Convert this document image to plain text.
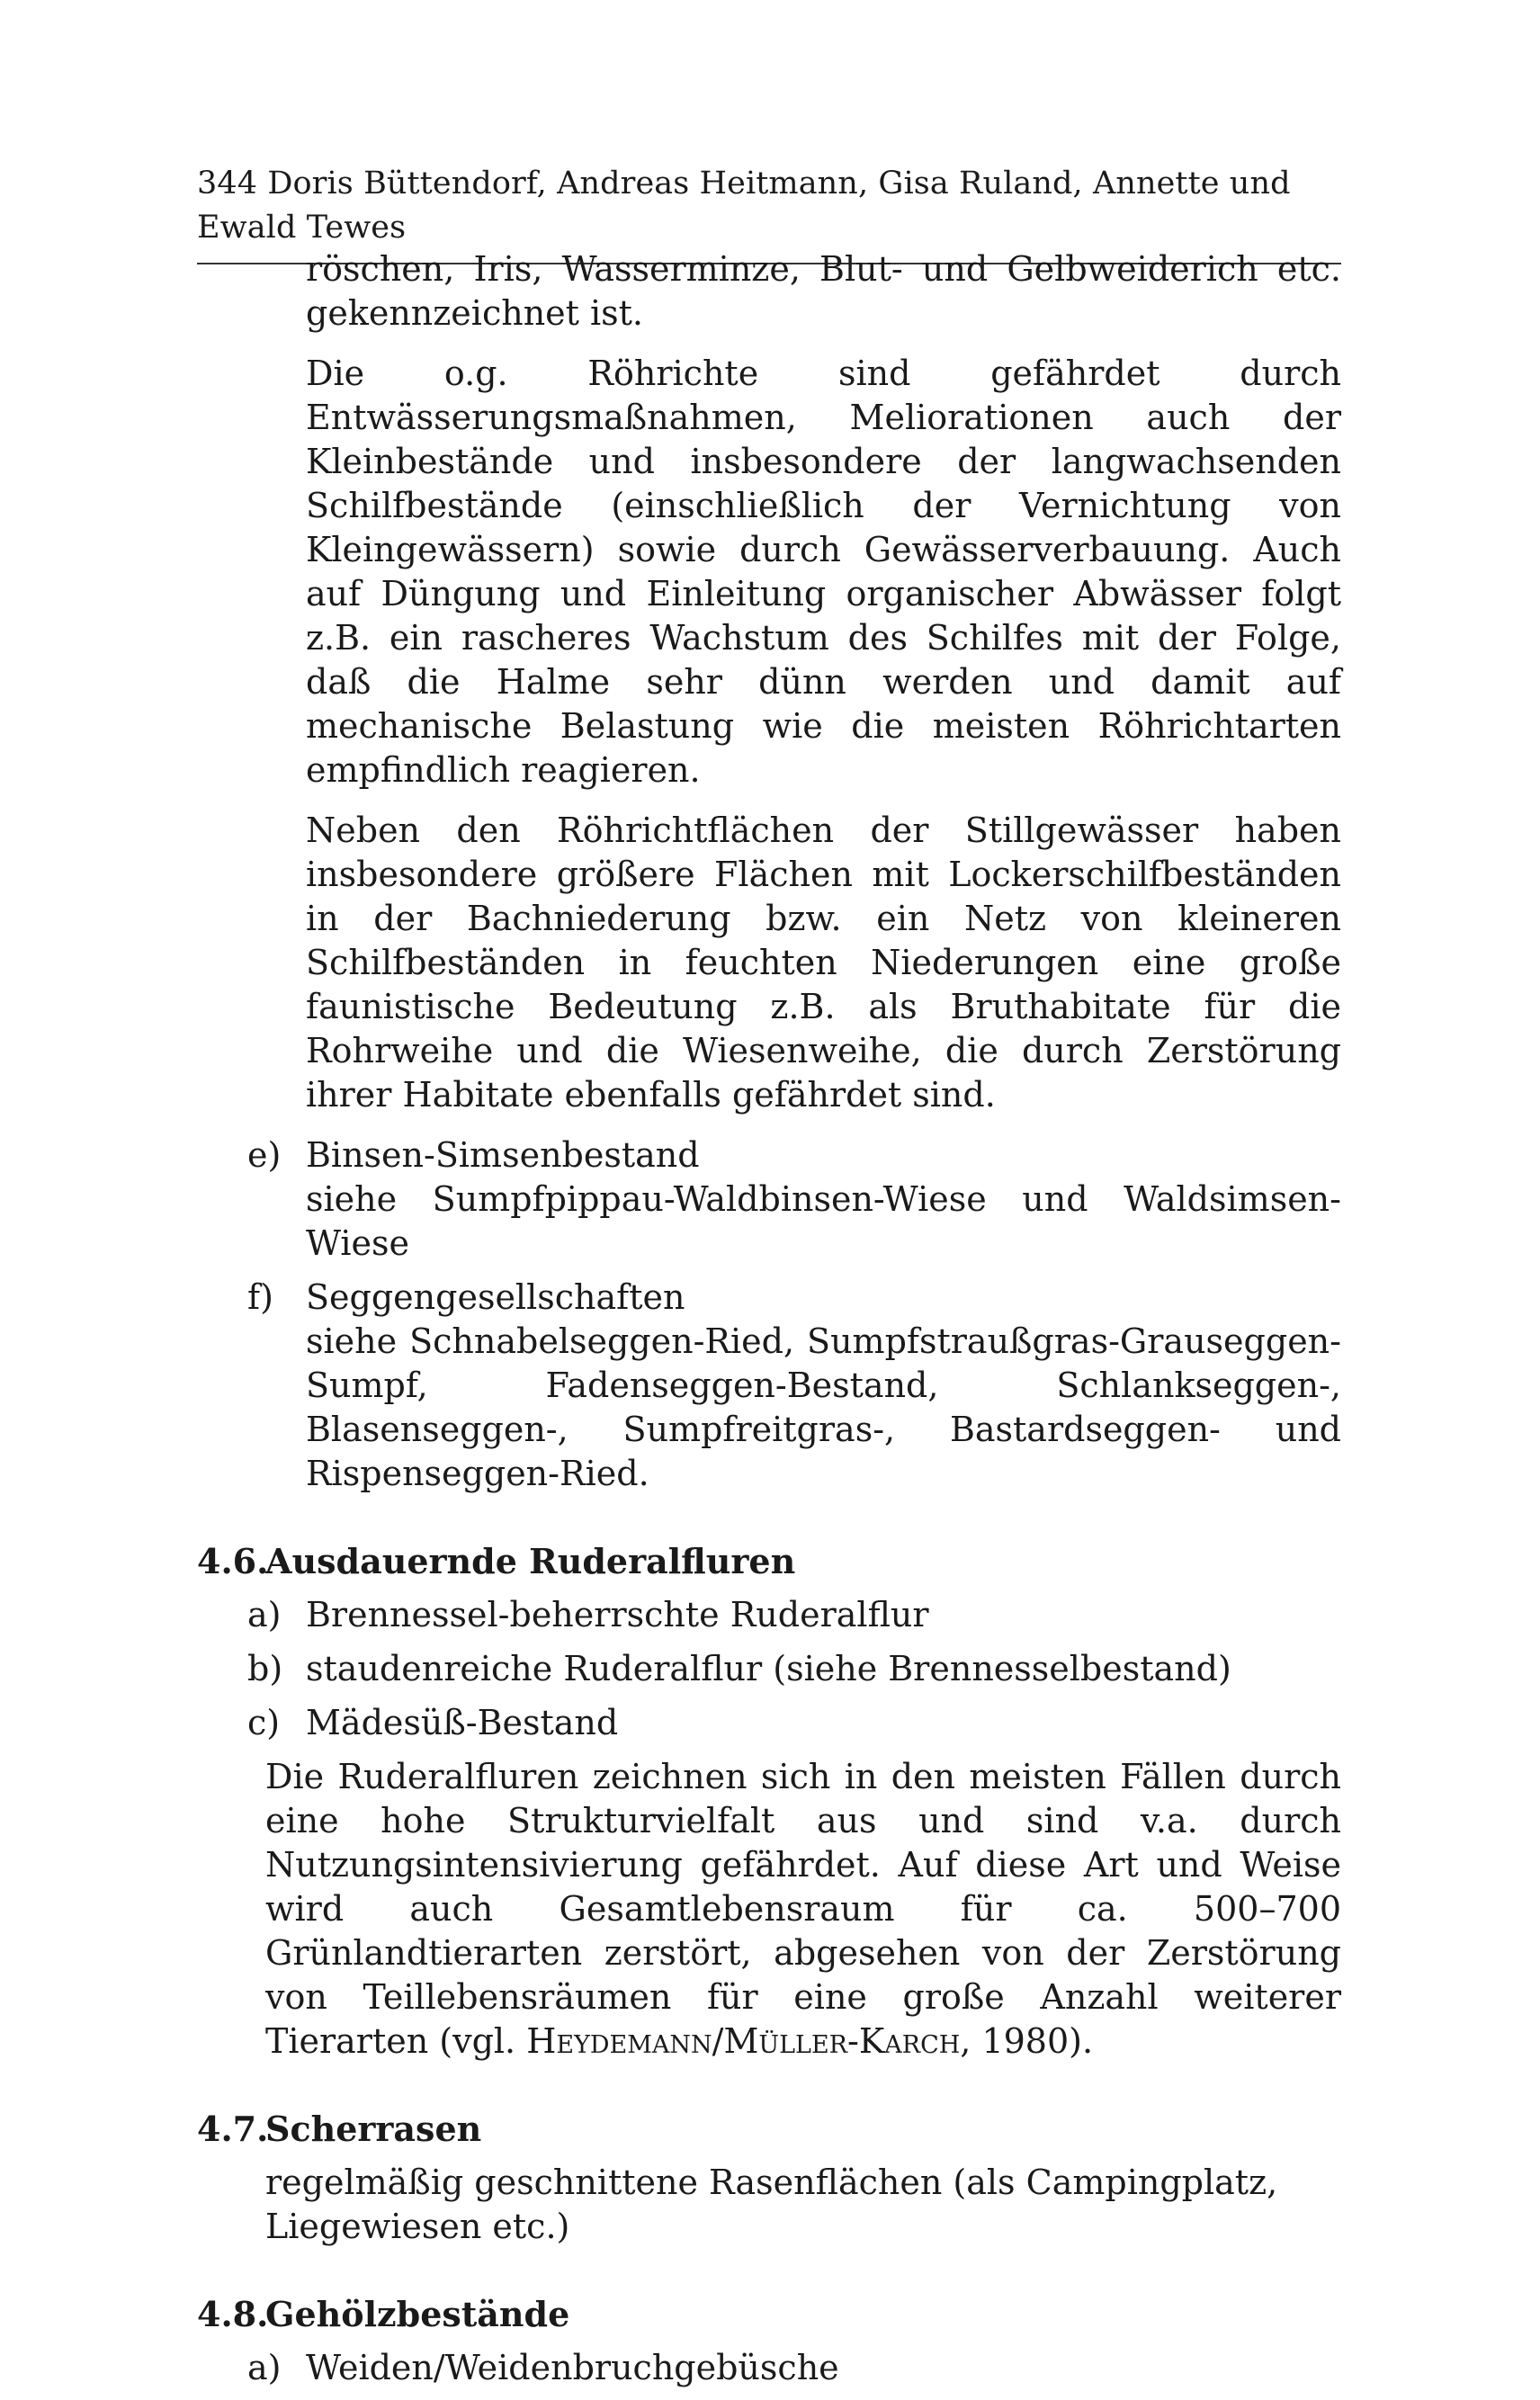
344 Doris Büttendorf, Andreas Heitmann, Gisa Ruland, Annette und Ewald Tewes
röschen, Iris, Wasserminze, Blut- und Gelbweiderich etc. gekennzeichnet ist.
Die o.g. Röhrichte sind gefährdet durch Entwässerungsmaßnahmen, Meliorationen auch der Kleinbestände und insbesondere der langwachsenden Schilfbestände (einschließlich der Vernichtung von Kleingewässern) sowie durch Gewässerverbauung. Auch auf Düngung und Einleitung organischer Abwässer folgt z.B. ein rascheres Wachstum des Schilfes mit der Folge, daß die Halme sehr dünn werden und damit auf mechanische Belastung wie die meisten Röhrichtarten empfindlich reagieren.
Neben den Röhrichtflächen der Stillgewässer haben insbesondere größere Flächen mit Lockerschilfbeständen in der Bachniederung bzw. ein Netz von kleineren Schilfbeständen in feuchten Niederungen eine große faunistische Bedeutung z.B. als Bruthabitate für die Rohrweihe und die Wiesenweihe, die durch Zerstörung ihrer Habitate ebenfalls gefährdet sind.
e) Binsen-Simsenbestand
siehe Sumpfpippau-Waldbinsen-Wiese und Waldsimsen-Wiese
f) Seggengesellschaften
siehe Schnabelseggen-Ried, Sumpfstraußgras-Grauseggen-Sumpf, Fadenseggen-Bestand, Schlankseggen-, Blasenseggen-, Sumpfreitgras-, Bastardseggen- und Rispenseggen-Ried.
4.6.
Ausdauernde Ruderalfluren
a) Brennessel-beherrschte Ruderalflur
b) staudenreiche Ruderalflur (siehe Brennesselbestand)
c) Mädesüß-Bestand
Die Ruderalfluren zeichnen sich in den meisten Fällen durch eine hohe Strukturvielfalt aus und sind v.a. durch Nutzungsintensivierung gefährdet. Auf diese Art und Weise wird auch Gesamtlebensraum für ca. 500–700 Grünlandtierarten zerstört, abgesehen von der Zerstörung von Teillebensräumen für eine große Anzahl weiterer Tierarten (vgl. Heydemann/Müller-Karch, 1980).
4.7.
Scherrasen
regelmäßig geschnittene Rasenflächen (als Campingplatz, Liegewiesen etc.)
4.8.
Gehölzbestände
a) Weiden/Weidenbruchgebüsche
